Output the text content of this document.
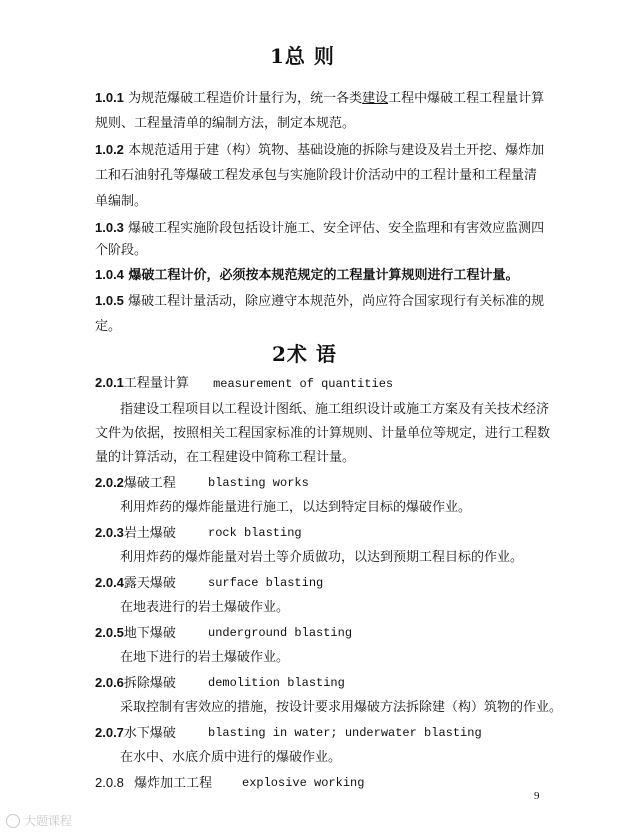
1总 则
1.0.1 为规范爆破工程造价计量行为，统一各类建设工程中爆破工程工程量计算
规则、工程量清单的编制方法，制定本规范。
1.0.2 本规范适用于建（构）筑物、基础设施的拆除与建设及岩土开挖、爆炸加
工和石油射孔等爆破工程发承包与实施阶段计价活动中的工程计量和工程量清
单编制。
1.0.3 爆破工程实施阶段包括设计施工、安全评估、安全监理和有害效应监测四
个阶段。
1.0.4 爆破工程计价，必须按本规范规定的工程量计算规则进行工程计量。
1.0.5 爆破工程计量活动，除应遵守本规范外，尚应符合国家现行有关标准的规
定。
2术 语
2.0.1工程量计算 measurement of quantities
指建设工程项目以工程设计图纸、施工组织设计或施工方案及有关技术经济
文件为依据，按照相关工程国家标准的计算规则、计量单位等规定，进行工程数
量的计算活动，在工程建设中简称工程计量。
2.0.2爆破工程	blasting works
利用炸药的爆炸能量进行施工，以达到特定目标的爆破作业。
2.0.3岩土爆破	rock blasting
利用炸药的爆炸能量对岩土等介质做功，以达到预期工程目标的作业。
2.0.4露天爆破	surface blasting
在地表进行的岩土爆破作业。
2.0.5地下爆破	underground blasting
在地下进行的岩土爆破作业。
2.0.6拆除爆破	demolition blasting
采取控制有害效应的措施，按设计要求用爆破方法拆除建（构）筑物的作业。
2.0.7水下爆破	blasting in water; underwater blasting
在水中、水底介质中进行的爆破作业。
2.0.8 爆炸加工工程 explosive working
9
大题课程
